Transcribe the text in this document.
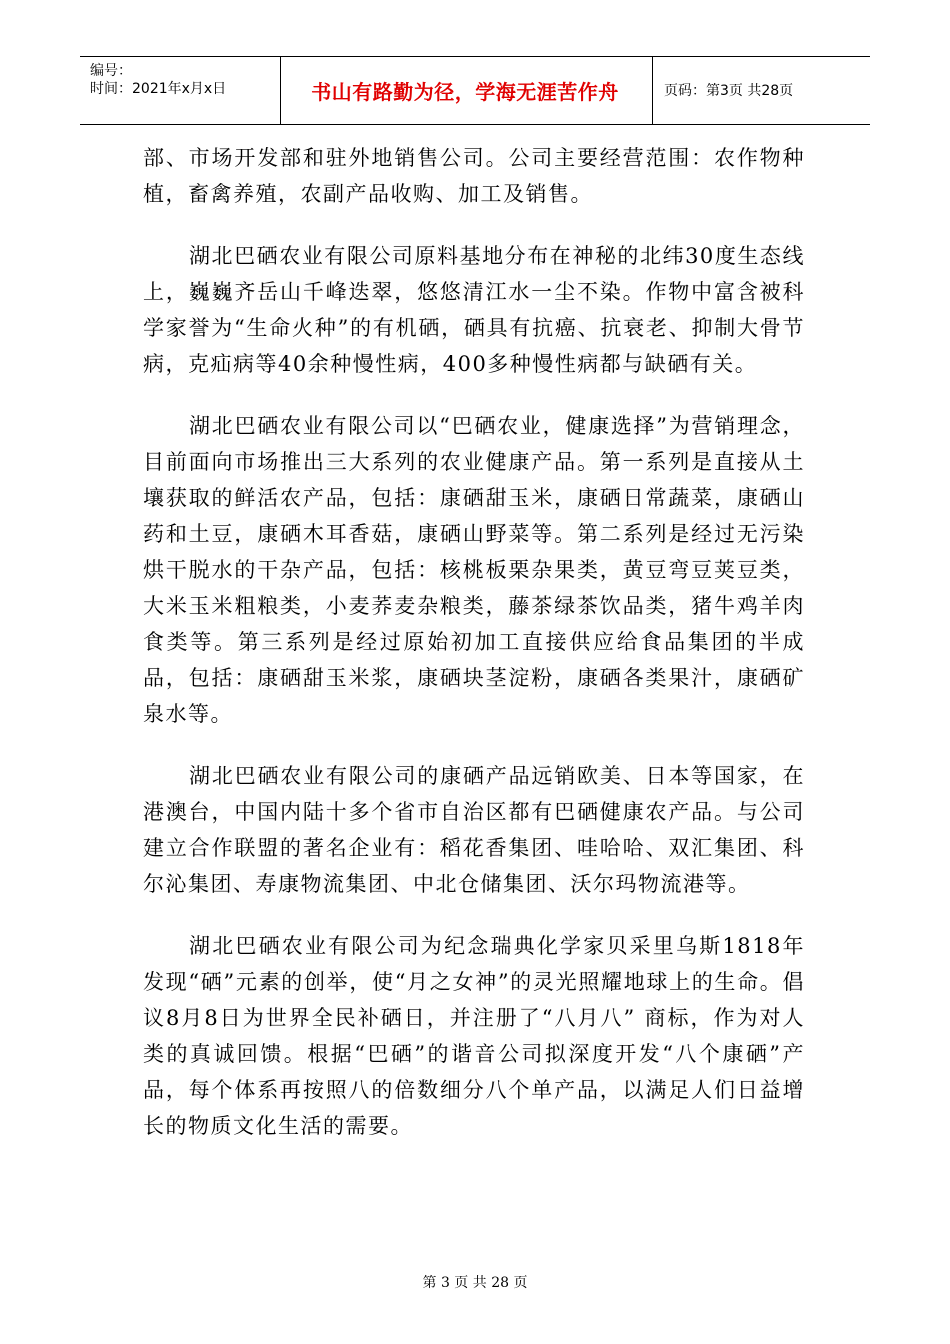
编号：
时间：2021年x月x日	书山有路勤为径，学海无涯苦作舟	页码：第3页 共28页

部、市场开发部和驻外地销售公司。公司主要经营范围：农作物种植，畜禽养殖，农副产品收购、加工及销售。

湖北巴硒农业有限公司原料基地分布在神秘的北纬30度生态线上，巍巍齐岳山千峰迭翠，悠悠清江水一尘不染。作物中富含被科学家誉为“生命火种”的有机硒，硒具有抗癌、抗衰老、抑制大骨节病，克疝病等40余种慢性病，400多种慢性病都与缺硒有关。

湖北巴硒农业有限公司以“巴硒农业，健康选择”为营销理念，目前面向市场推出三大系列的农业健康产品。第一系列是直接从土壤获取的鲜活农产品，包括：康硒甜玉米，康硒日常蔬菜，康硒山药和土豆，康硒木耳香菇，康硒山野菜等。第二系列是经过无污染烘干脱水的干杂产品，包括：核桃板栗杂果类，黄豆弯豆荚豆类，大米玉米粗粮类，小麦荞麦杂粮类，藤茶绿茶饮品类，猪牛鸡羊肉食类等。第三系列是经过原始初加工直接供应给食品集团的半成品，包括：康硒甜玉米浆，康硒块茎淀粉，康硒各类果汁，康硒矿泉水等。

湖北巴硒农业有限公司的康硒产品远销欧美、日本等国家，在港澳台，中国内陆十多个省市自治区都有巴硒健康农产品。与公司建立合作联盟的著名企业有：稻花香集团、哇哈哈、双汇集团、科尔沁集团、寿康物流集团、中北仓储集团、沃尔玛物流港等。

湖北巴硒农业有限公司为纪念瑞典化学家贝采里乌斯1818年发现“硒”元素的创举，使“月之女神”的灵光照耀地球上的生命。倡议8月8日为世界全民补硒日，并注册了“八月八” 商标，作为对人类的真诚回馈。根据“巴硒”的谐音公司拟深度开发“八个康硒”产品，每个体系再按照八的倍数细分八个单产品，以满足人们日益增长的物质文化生活的需要。

第 3 页 共 28 页
